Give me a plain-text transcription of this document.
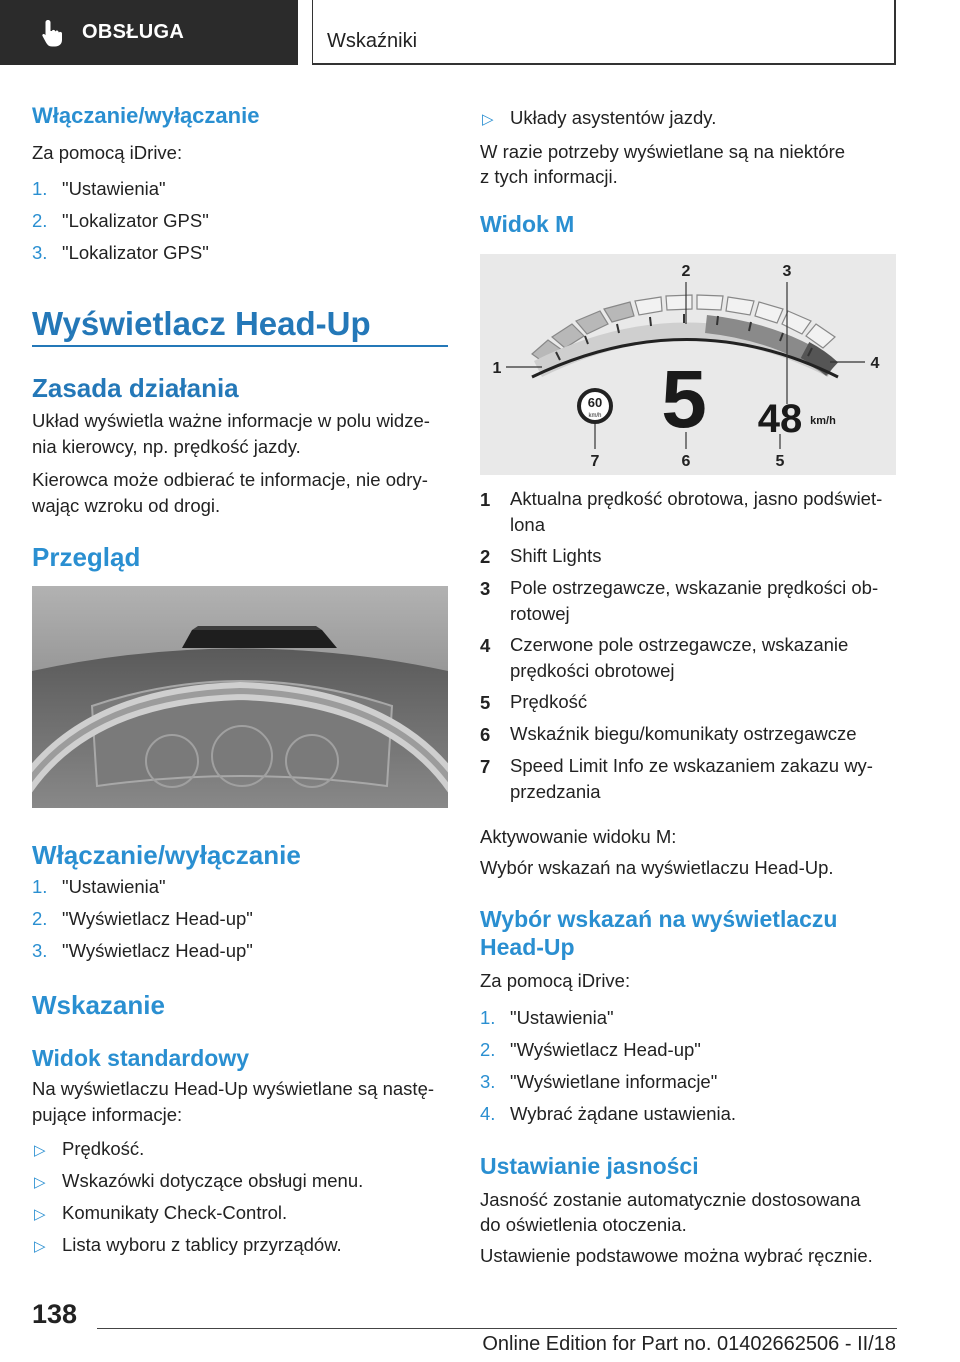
OBSŁUGA	Wskaźniki
Włączanie/wyłączanie
Za pomocą iDrive:
1. "Ustawienia"
2. "Lokalizator GPS"
3. "Lokalizator GPS"
Wyświetlacz Head-Up
Zasada działania
Układ wyświetla ważne informacje w polu widze-
nia kierowcy, np. prędkość jazdy.
Kierowca może odbierać te informacje, nie odry-
wając wzroku od drogi.
Przegląd
Włączanie/wyłączanie
1. "Ustawienia"
2. "Wyświetlacz Head-up"
3. "Wyświetlacz Head-up"
Wskazanie
Widok standardowy
Na wyświetlaczu Head-Up wyświetlane są nastę-
pujące informacje:
▷ Prędkość.
▷ Wskazówki dotyczące obsługi menu.
▷ Komunikaty Check-Control.
▷ Lista wyboru z tablicy przyrządów.
▷ Układy asystentów jazdy.
W razie potrzeby wyświetlane są na niektóre
z tych informacji.
Widok M
60
km/h 5 48 km/h
1
2	3
4
5
6
7
1 Aktualna prędkość obrotowa, jasno podświet-
lona
2 Shift Lights
3 Pole ostrzegawcze, wskazanie prędkości ob-
rotowej
4 Czerwone pole ostrzegawcze, wskazanie
prędkości obrotowej
5 Prędkość
6 Wskaźnik biegu/komunikaty ostrzegawcze
7 Speed Limit Info ze wskazaniem zakazu wy-
przedzania
Aktywowanie widoku M:
Wybór wskazań na wyświetlaczu Head-Up.
Wybór wskazań na wyświetlaczu
Head-Up
Za pomocą iDrive:
1. "Ustawienia"
2. "Wyświetlacz Head-up"
3. "Wyświetlane informacje"
4. Wybrać żądane ustawienia.
Ustawianie jasności
Jasność zostanie automatycznie dostosowana
do oświetlenia otoczenia.
Ustawienie podstawowe można wybrać ręcznie.
138
Online Edition for Part no. 01402662506 - II/18
